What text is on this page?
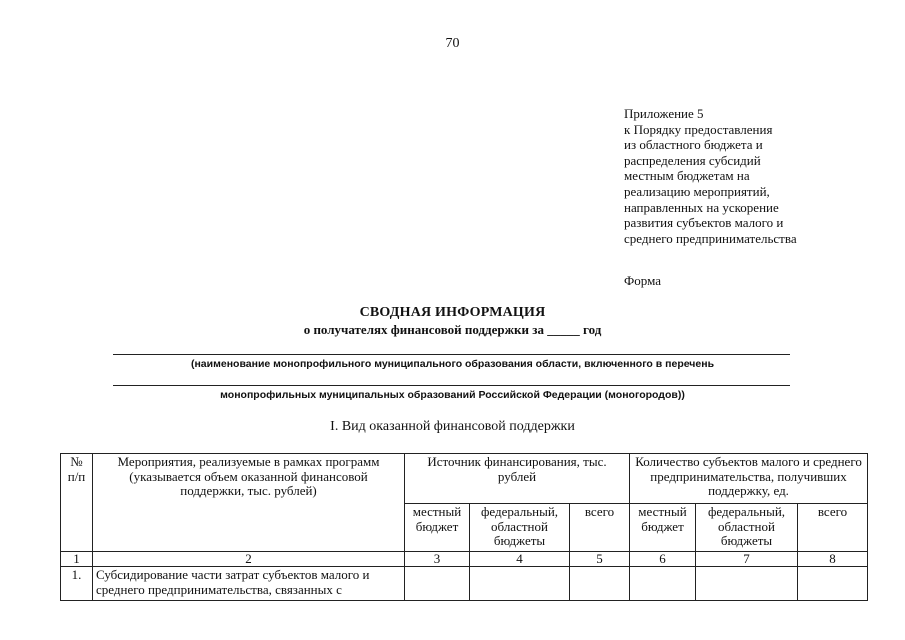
70
Приложение 5
к Порядку предоставления
из областного бюджета и
распределения субсидий
местным бюджетам на
реализацию мероприятий,
направленных на ускорение
развития субъектов малого и
среднего предпринимательства
Форма
СВОДНАЯ ИНФОРМАЦИЯ
о получателях финансовой поддержки за _____ год
(наименование монопрофильного муниципального образования области, включенного в перечень
монопрофильных муниципальных образований Российской Федерации (моногородов))
I. Вид оказанной финансовой поддержки
№ п/п	Мероприятия, реализуемые в рамках программ (указывается объем оказанной финансовой поддержки, тыс. рублей)	Источник финансирования, тыс. рублей			Количество субъектов малого и среднего предпринимательства, получивших поддержку, ед.		
		местный бюджет	федеральный, областной бюджеты	всего	местный бюджет	федеральный, областной бюджеты	всего
1	2	3	4	5	6	7	8
1.	Субсидирование части затрат субъектов малого и среднего предпринимательства, связанных с						
